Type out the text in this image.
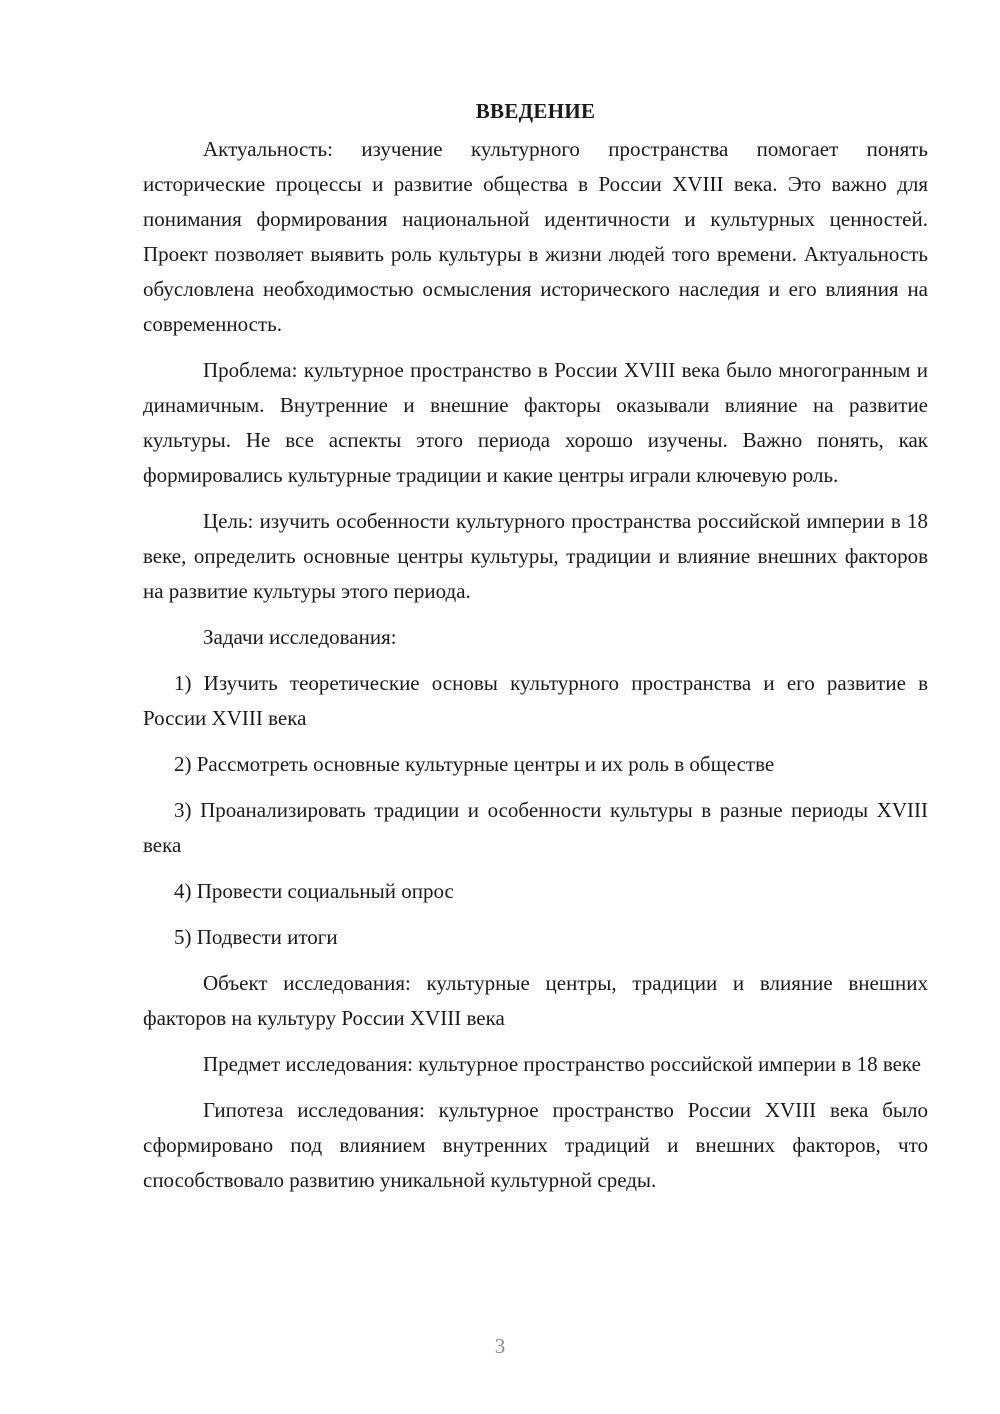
ВВЕДЕНИЕ

Актуальность: изучение культурного пространства помогает понять исторические процессы и развитие общества в России XVIII века. Это важно для понимания формирования национальной идентичности и культурных ценностей. Проект позволяет выявить роль культуры в жизни людей того времени. Актуальность обусловлена необходимостью осмысления исторического наследия и его влияния на современность.

Проблема: культурное пространство в России XVIII века было многогранным и динамичным. Внутренние и внешние факторы оказывали влияние на развитие культуры. Не все аспекты этого периода хорошо изучены. Важно понять, как формировались культурные традиции и какие центры играли ключевую роль.

Цель: изучить особенности культурного пространства российской империи в 18 веке, определить основные центры культуры, традиции и влияние внешних факторов на развитие культуры этого периода.

Задачи исследования:

1) Изучить теоретические основы культурного пространства и его развитие в России XVIII века

2) Рассмотреть основные культурные центры и их роль в обществе

3) Проанализировать традиции и особенности культуры в разные периоды XVIII века

4) Провести социальный опрос

5) Подвести итоги

Объект исследования: культурные центры, традиции и влияние внешних факторов на культуру России XVIII века

Предмет исследования: культурное пространство российской империи в 18 веке

Гипотеза исследования: культурное пространство России XVIII века было сформировано под влиянием внутренних традиций и внешних факторов, что способствовало развитию уникальной культурной среды.

3
